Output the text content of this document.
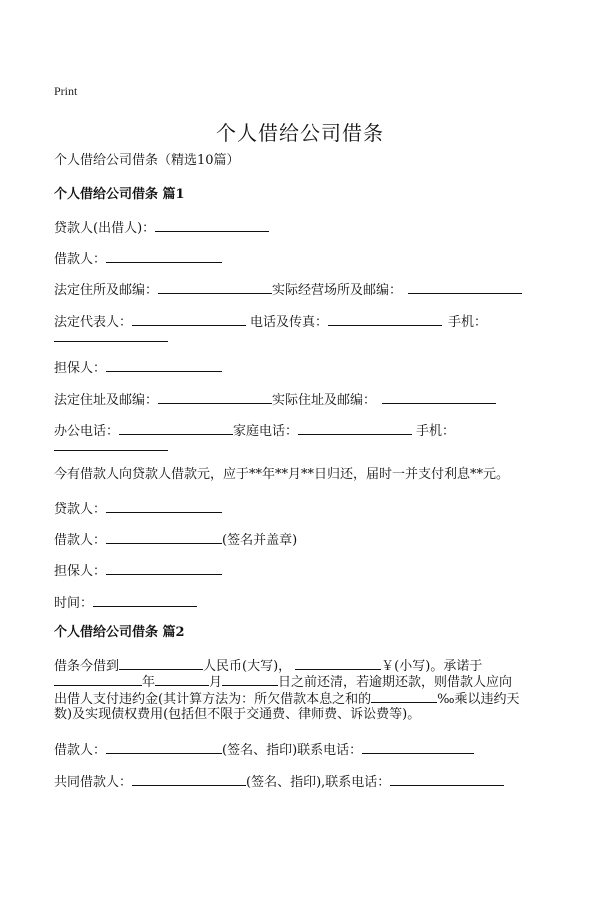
Print
个人借给公司借条
个人借给公司借条（精选10篇）
个人借给公司借条 篇1
贷款人(出借人)：
借款人：
法定住所及邮编：	实际经营场所及邮编：
法定代表人：	电话及传真：	手机：
担保人：
法定住址及邮编：	实际住址及邮编：
办公电话：	家庭电话：	手机：
今有借款人向贷款人借款元，应于**年**月**日归还，届时一并支付利息**元。
贷款人：
借款人：	(签名并盖章)
担保人：
时间：
个人借给公司借条 篇2
借条今借到	人民币(大写)，	￥(小写)。承诺于
年	月	日之前还清，若逾期还款，则借款人应向
出借人支付违约金(其计算方法为：所欠借款本息之和的	‰乘以违约天
数)及实现债权费用(包括但不限于交通费、律师费、诉讼费等)。
借款人：	(签名、指印)联系电话：
共同借款人：	(签名、指印),联系电话：
